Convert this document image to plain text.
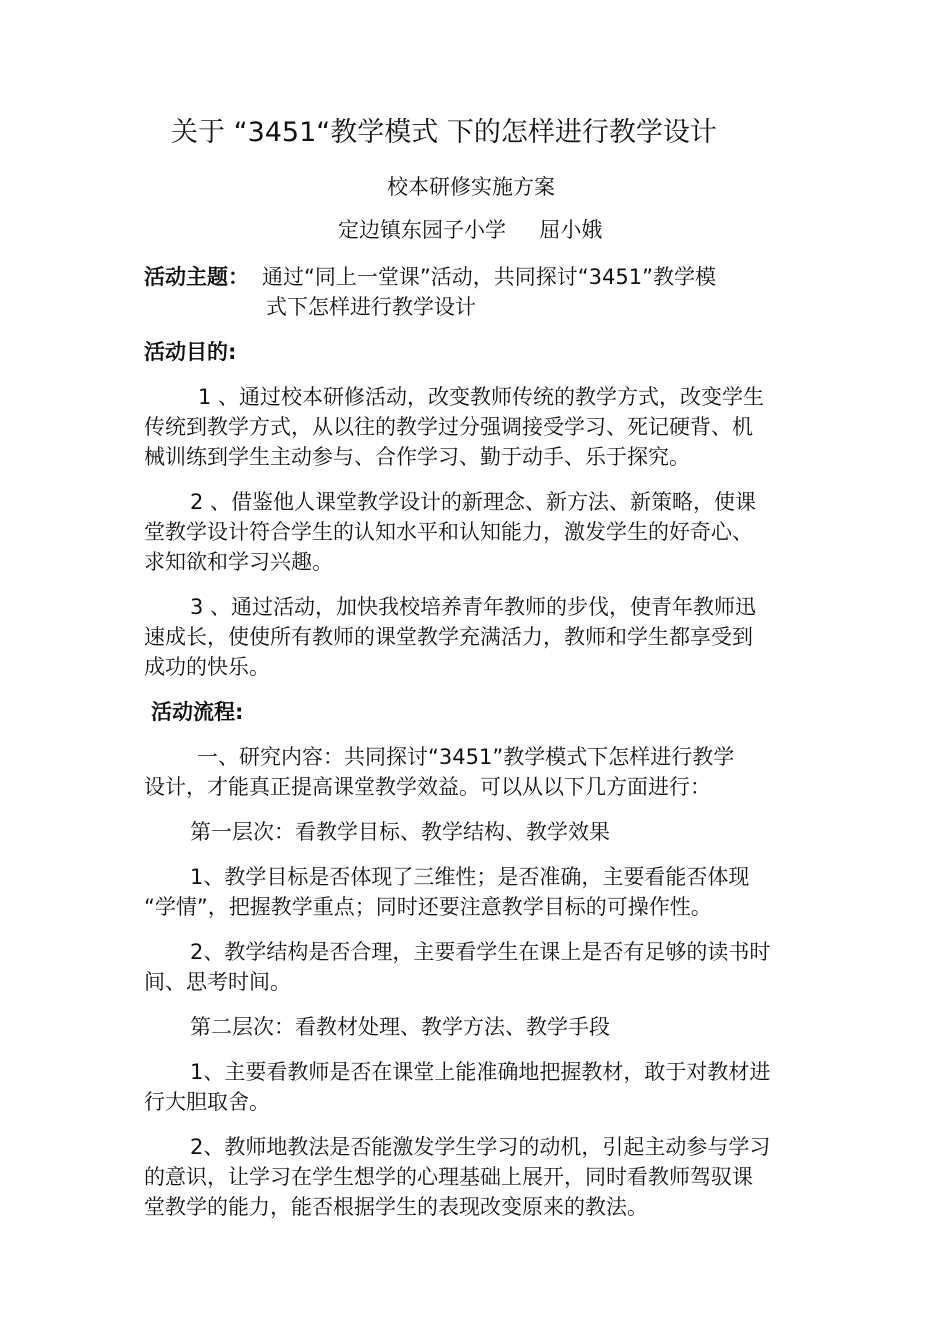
关于 “3451“教学模式 下的怎样进行教学设计
校本研修实施方案
定边镇东园子小学     屈小娥
活动主题： 通过“同上一堂课”活动，共同探讨“3451”教学模
式下怎样进行教学设计
活动目的:
1 、通过校本研修活动，改变教师传统的教学方式，改变学生
传统到教学方式，从以往的教学过分强调接受学习、死记硬背、机
械训练到学生主动参与、合作学习、勤于动手、乐于探究。
2 、借鉴他人课堂教学设计的新理念、新方法、新策略，使课
堂教学设计符合学生的认知水平和认知能力，激发学生的好奇心、
求知欲和学习兴趣。
3 、通过活动，加快我校培养青年教师的步伐，使青年教师迅
速成长，使使所有教师的课堂教学充满活力，教师和学生都享受到
成功的快乐。
活动流程:
一、研究内容：共同探讨“3451”教学模式下怎样进行教学
设计，才能真正提高课堂教学效益。可以从以下几方面进行：
第一层次：看教学目标、教学结构、教学效果
1、教学目标是否体现了三维性；是否准确，主要看能否体现
“学情”，把握教学重点；同时还要注意教学目标的可操作性。
2、教学结构是否合理，主要看学生在课上是否有足够的读书时
间、思考时间。
第二层次：看教材处理、教学方法、教学手段
1、主要看教师是否在课堂上能准确地把握教材，敢于对教材进
行大胆取舍。
2、教师地教法是否能激发学生学习的动机，引起主动参与学习
的意识，让学习在学生想学的心理基础上展开，同时看教师驾驭课
堂教学的能力，能否根据学生的表现改变原来的教法。
